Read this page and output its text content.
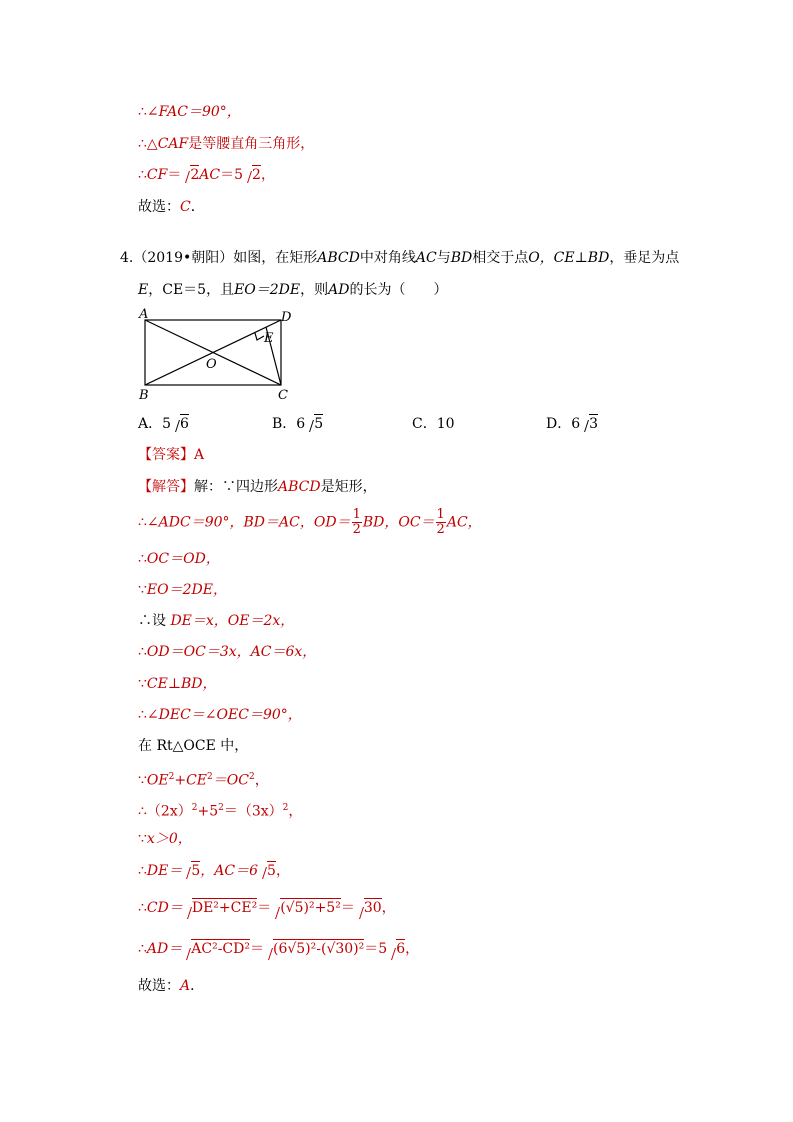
∴∠FAC＝90°，
∴△CAF是等腰直角三角形，
∴CF＝ 2AC＝5 2，
故选：C．
4.（2019•朝阳）如图，在矩形ABCD中对角线AC与BD相交于点O，CE⊥BD，垂足为点
E，CE＝5，且EO＝2DE，则AD的长为（　　）
A
B	C
D
E
O
A．5 6	B．6 5	C．10	D．6 3
【答案】A
【解答】解：∵四边形ABCD是矩形，
∴∠ADC＝90°，BD＝AC，$OD= \frac{1}{2}$ BD，$OC= \frac{1}{2}$ AC，
∴OC＝OD，
∵EO＝2DE，
∴设 DE＝x，OE＝2x，
∴OD＝OC＝3x，AC＝6x，
∵CE⊥BD，
∴∠DEC＝∠OEC＝90°，
在 Rt△OCE 中，
$\because OE^2+CE^2=OC^2$，
$\therefore(2x)^2+5^2=(3x)^2$，
∵x＞0，
∴DE＝ 5，AC＝6 5，
∴CD＝ DE²+CE²＝ (√5)²+5²＝ 30，
∴AD＝ AC²-CD²＝ (6√5)²-(√30)²＝5 6，
故选：A．
